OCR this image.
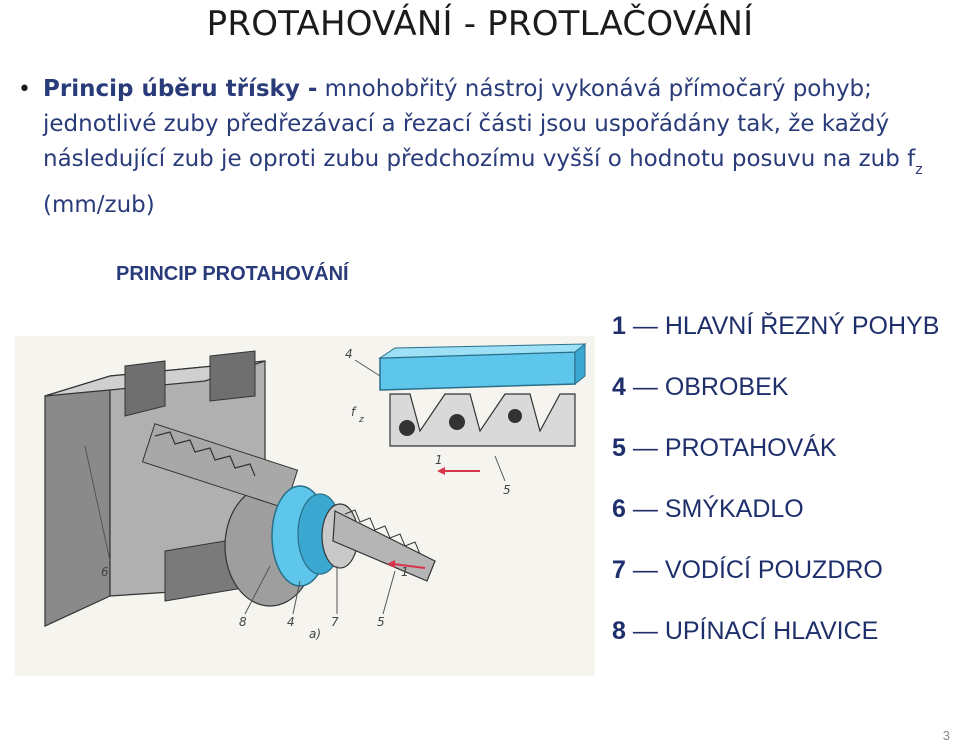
PROTAHOVÁNÍ - PROTLAČOVÁNÍ
• Princip úběru třísky - mnohobřitý nástroj vykonává přímočarý pohyb; jednotlivé zuby předřezávací a řezací části jsou uspořádány tak, že každý následující zub je oproti zubu předchozímu vyšší o hodnotu posuvu na zub $f_z$ (mm/zub)
PRINCIP PROTAHOVÁNÍ
4
f
z
1
5
6
8	4
a)
7	5
1
1 — HLAVNÍ ŘEZNÝ POHYB
4 — OBROBEK
5 — PROTAHOVÁK
6 — SMÝKADLO
7 — VODÍCÍ POUZDRO
8 — UPÍNACÍ HLAVICE
3
